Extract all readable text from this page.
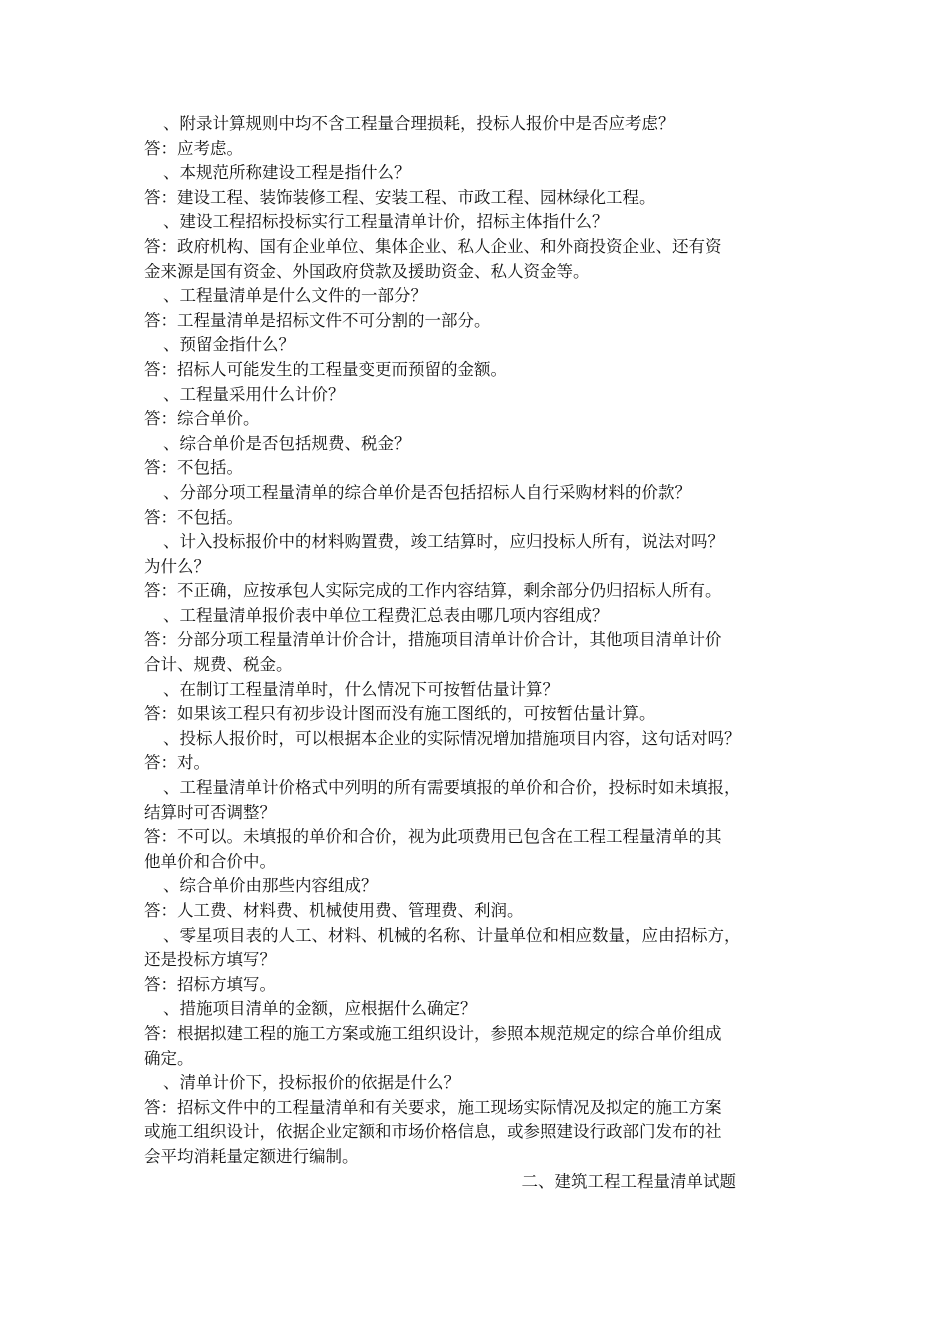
、附录计算规则中均不含工程量合理损耗，投标人报价中是否应考虑？
答：应考虑。
、本规范所称建设工程是指什么？
答：建设工程、装饰装修工程、安装工程、市政工程、园林绿化工程。
、建设工程招标投标实行工程量清单计价，招标主体指什么？
答：政府机构、国有企业单位、集体企业、私人企业、和外商投资企业、还有资
金来源是国有资金、外国政府贷款及援助资金、私人资金等。
、工程量清单是什么文件的一部分？
答：工程量清单是招标文件不可分割的一部分。
、预留金指什么？
答：招标人可能发生的工程量变更而预留的金额。
、工程量采用什么计价？
答：综合单价。
、综合单价是否包括规费、税金？
答：不包括。
、分部分项工程量清单的综合单价是否包括招标人自行采购材料的价款？
答：不包括。
、计入投标报价中的材料购置费，竣工结算时，应归投标人所有，说法对吗？
为什么？
答：不正确，应按承包人实际完成的工作内容结算，剩余部分仍归招标人所有。
、工程量清单报价表中单位工程费汇总表由哪几项内容组成？
答：分部分项工程量清单计价合计，措施项目清单计价合计，其他项目清单计价
合计、规费、税金。
、在制订工程量清单时，什么情况下可按暂估量计算？
答：如果该工程只有初步设计图而没有施工图纸的，可按暂估量计算。
、投标人报价时，可以根据本企业的实际情况增加措施项目内容，这句话对吗？
答：对。
、工程量清单计价格式中列明的所有需要填报的单价和合价，投标时如未填报，
结算时可否调整？
答：不可以。未填报的单价和合价，视为此项费用已包含在工程工程量清单的其
他单价和合价中。
、综合单价由那些内容组成？
答：人工费、材料费、机械使用费、管理费、利润。
、零星项目表的人工、材料、机械的名称、计量单位和相应数量，应由招标方，
还是投标方填写？
答：招标方填写。
、措施项目清单的金额，应根据什么确定？
答：根据拟建工程的施工方案或施工组织设计，参照本规范规定的综合单价组成
确定。
、清单计价下，投标报价的依据是什么？
答：招标文件中的工程量清单和有关要求，施工现场实际情况及拟定的施工方案
或施工组织设计，依据企业定额和市场价格信息，或参照建设行政部门发布的社
会平均消耗量定额进行编制。
二、建筑工程工程量清单试题
